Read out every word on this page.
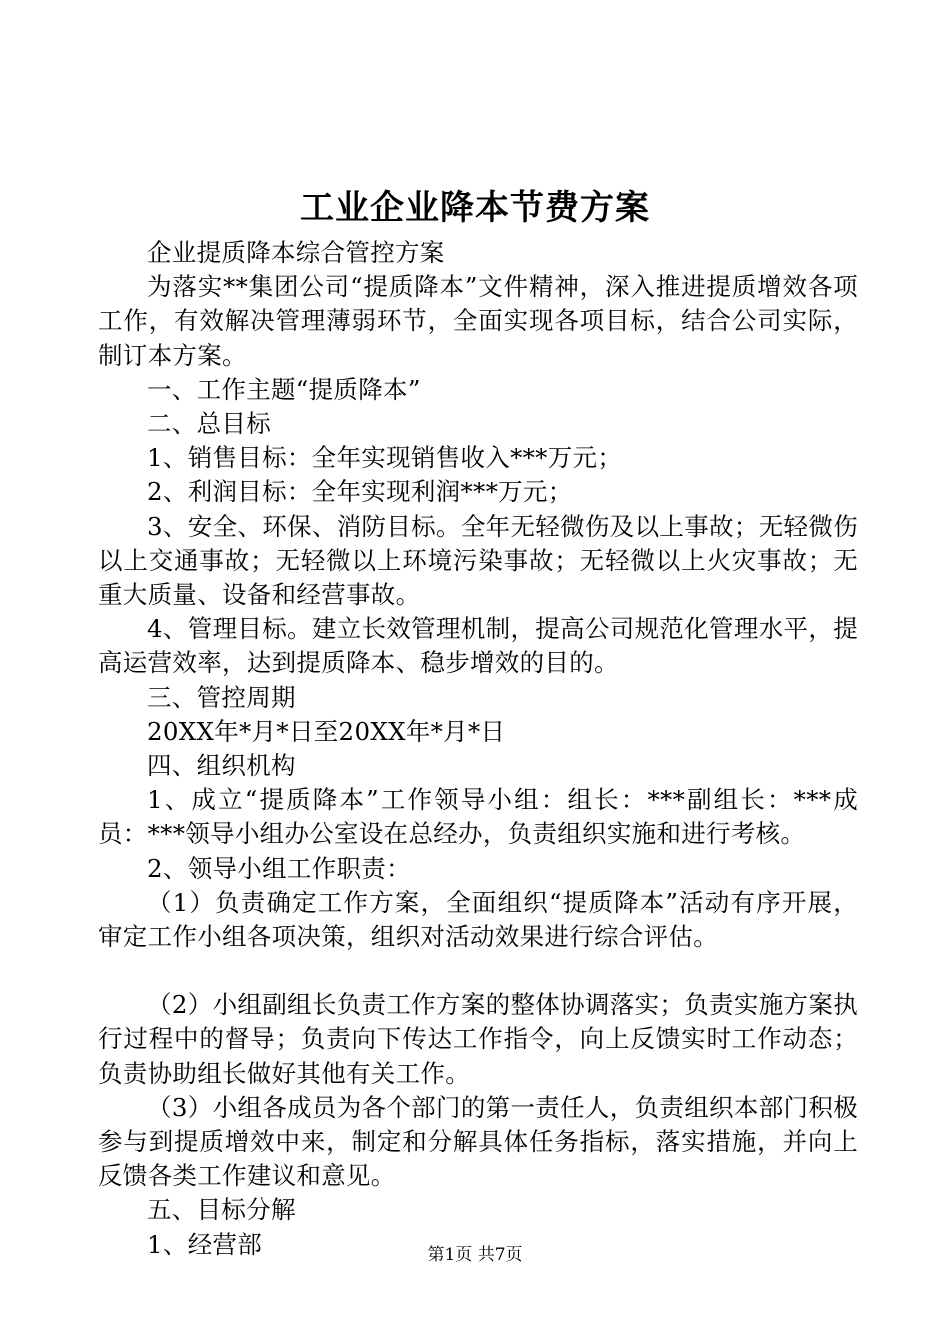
工业企业降本节费方案

企业提质降本综合管控方案

为落实**集团公司“提质降本”文件精神，深入推进提质增效各项工作，有效解决管理薄弱环节，全面实现各项目标，结合公司实际，制订本方案。

一、工作主题“提质降本”

二、总目标

1、销售目标：全年实现销售收入***万元；

2、利润目标：全年实现利润***万元；

3、安全、环保、消防目标。全年无轻微伤及以上事故；无轻微伤以上交通事故；无轻微以上环境污染事故；无轻微以上火灾事故；无重大质量、设备和经营事故。

4、管理目标。建立长效管理机制，提高公司规范化管理水平，提高运营效率，达到提质降本、稳步增效的目的。

三、管控周期

20XX年*月*日至20XX年*月*日

四、组织机构

1、成立“提质降本”工作领导小组：组长：***副组长：***成员：***领导小组办公室设在总经办，负责组织实施和进行考核。

2、领导小组工作职责：

（1）负责确定工作方案，全面组织“提质降本”活动有序开展，审定工作小组各项决策，组织对活动效果进行综合评估。

（2）小组副组长负责工作方案的整体协调落实；负责实施方案执行过程中的督导；负责向下传达工作指令，向上反馈实时工作动态；负责协助组长做好其他有关工作。

（3）小组各成员为各个部门的第一责任人，负责组织本部门积极参与到提质增效中来，制定和分解具体任务指标，落实措施，并向上反馈各类工作建议和意见。

五、目标分解

1、经营部	第1页 共7页
